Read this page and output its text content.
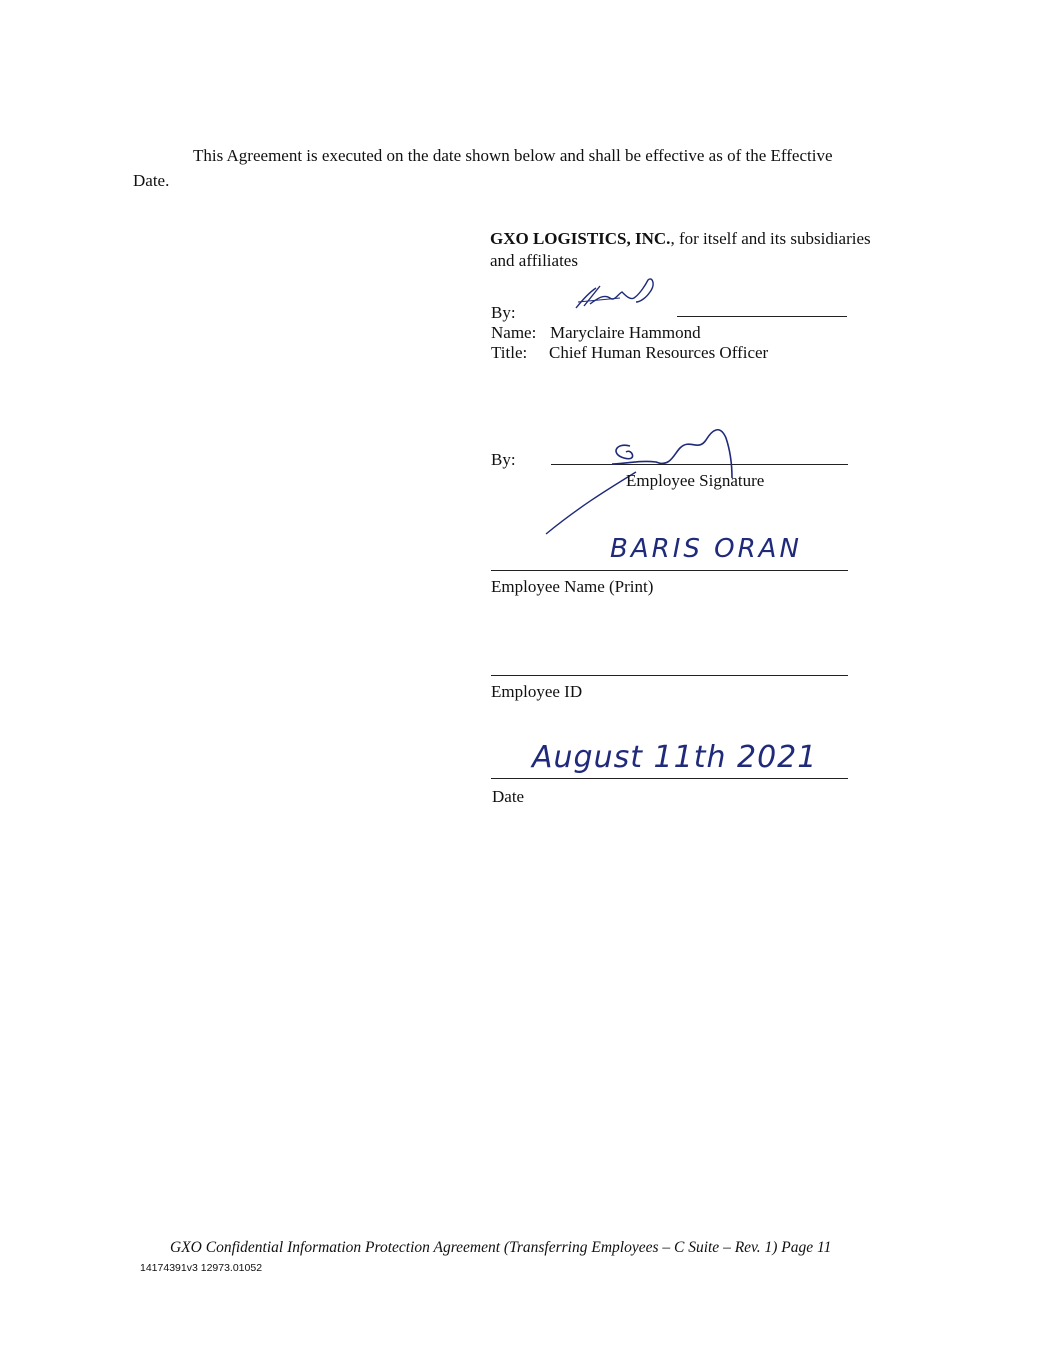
This Agreement is executed on the date shown below and shall be effective as of the Effective
Date.
GXO LOGISTICS, INC., for itself and its subsidiaries
and affiliates
By:
Name: Maryclaire Hammond
Title: Chief Human Resources Officer
By:
Employee Signature
BARIS ORAN
Employee Name (Print)
Employee ID
August 11th 2021
Date
GXO Confidential Information Protection Agreement (Transferring Employees – C Suite – Rev. 1) Page 11
14174391v3 12973.01052
